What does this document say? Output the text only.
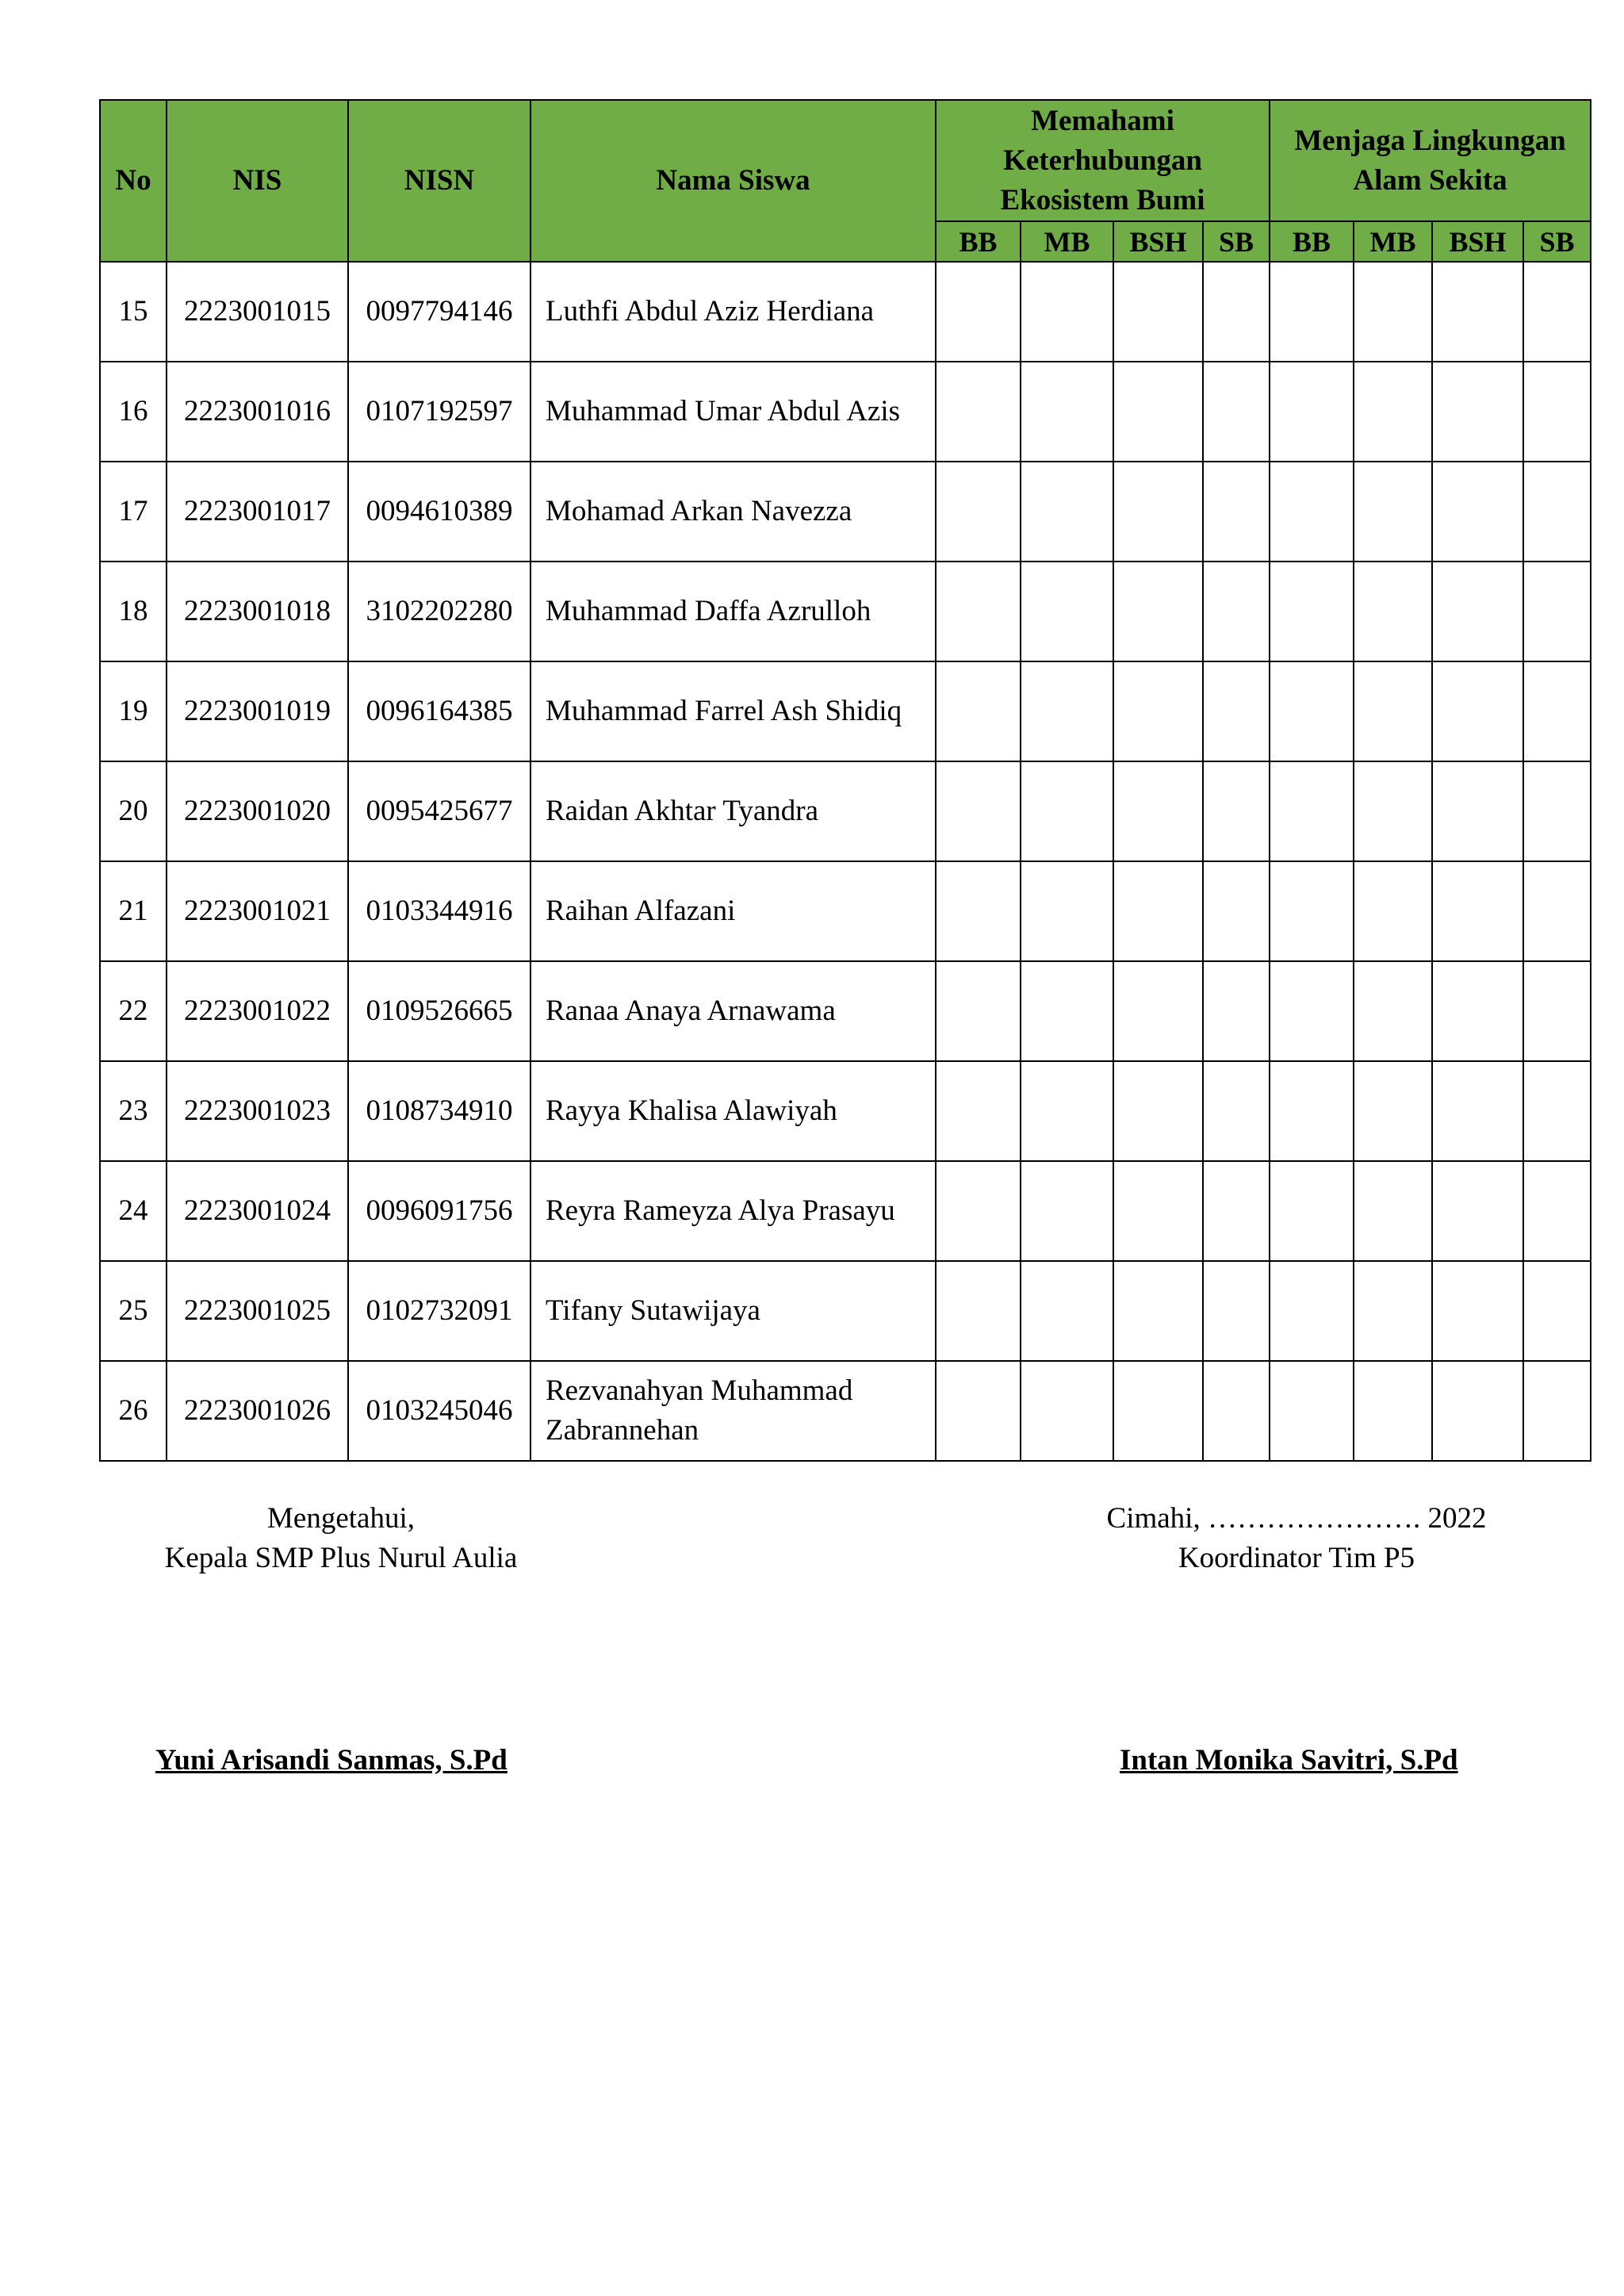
No	NIS	NISN	Nama Siswa	Memahami Keterhubungan Ekosistem Bumi				Menjaga Lingkungan Alam Sekita			
				BB	MB	BSH	SB	BB	MB	BSH	SB
15	2223001015	0097794146	Luthfi Abdul Aziz Herdiana								
16	2223001016	0107192597	Muhammad Umar Abdul Azis								
17	2223001017	0094610389	Mohamad Arkan Navezza								
18	2223001018	3102202280	Muhammad Daffa Azrulloh								
19	2223001019	0096164385	Muhammad Farrel Ash Shidiq								
20	2223001020	0095425677	Raidan Akhtar Tyandra								
21	2223001021	0103344916	Raihan Alfazani								
22	2223001022	0109526665	Ranaa Anaya Arnawama								
23	2223001023	0108734910	Rayya Khalisa Alawiyah								
24	2223001024	0096091756	Reyra Rameyza Alya Prasayu								
25	2223001025	0102732091	Tifany Sutawijaya								
26	2223001026	0103245046	Rezvanahyan Muhammad Zabrannehan								
Mengetahui,
Kepala SMP Plus Nurul Aulia
Cimahi, …………………. 2022
Koordinator Tim P5
Yuni Arisandi Sanmas, S.Pd	Intan Monika Savitri, S.Pd
